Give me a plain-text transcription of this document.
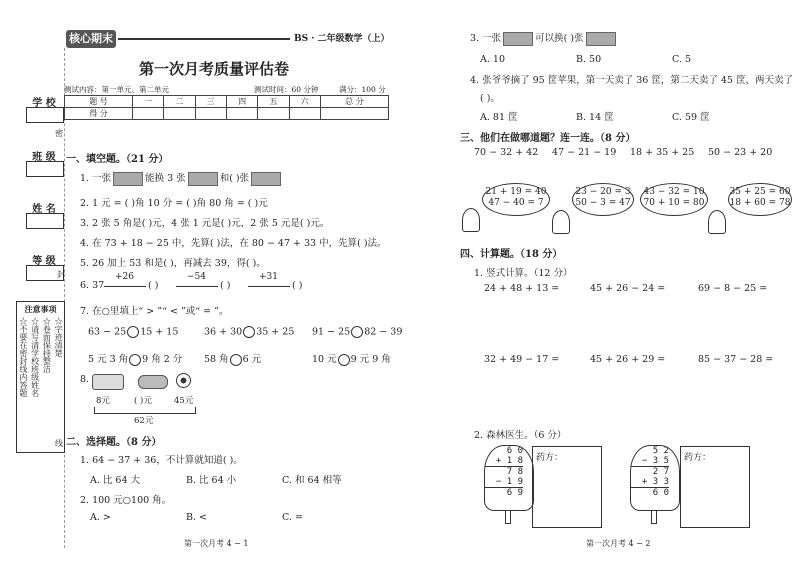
学 校
班 级
姓 名
等 级
密
封
线
注意事项
☆不要在密封线内答题 ☆请写清学校班级姓名 ☆卷面保持整洁 ☆字迹清楚
核心期末	BS · 二年级数学（上）
第一次月考质量评估卷
测试内容：第一单元、第二单元	测试时间：60 分钟	满分：100 分
题 号	一	二	三	四	五	六	总 分
得 分							
一、填空题。（21 分）
1. 一张	能换 3 张	和( )张
2. 1 元 = ( )角 10 分 = ( )角 80 角 = ( )元
3. 2 张 5 角是( )元，4 张 1 元是( )元，2 张 5 元是( )元。
4. 在 73 + 18 − 25 中，先算( )法，在 80 − 47 + 33 中，先算( )法。
5. 26 加上 53 和是( )，再减去 39，得( )。
6. 37
+26
( )
−54
( )
+31
( )
7. 在○里填上“ > ”“ < ”或“ = ”。
63 − 25 15 + 15	36 + 30 35 + 25 91 − 25 82 − 39
5 元 3 角 9 角 2 分 58 角 6 元	10 元 9 元 9 角
8.
8元	( )元	45元
62元
二、选择题。（8 分）
1. 64 − 37 + 36，不计算就知道( )。
A. 比 64 大	B. 比 64 小	C. 和 64 相等
2. 100 元○100 角。
A. >	B. <	C. =
第一次月考 4 − 1
3. 一张	可以换( )张
A. 10	B. 50	C. 5
4. 张爷爷摘了 95 筐苹果，第一天卖了 36 筐，第二天卖了 45 筐，两天卖了
( )。
A. 81 筐	B. 14 筐	C. 59 筐
三、他们在做哪道题？连一连。（8 分）
70 − 32 + 42 47 − 21 − 19 18 + 35 + 25 50 − 23 + 20
21 + 19 = 40
47 − 40 = 7
23 − 20 = 3
50 − 3 = 47
43 − 32 = 10
70 + 10 = 80
35 + 25 = 60
18 + 60 = 78
四、计算题。（18 分）
1. 竖式计算。（12 分）
24 + 48 + 13 =	45 + 26 − 24 =	69 − 8 − 25 =
32 + 49 − 17 =	45 + 26 + 29 =	85 − 37 − 28 =
2. 森林医生。（6 分）
6 0
+ 1 8
7 8
− 1 9
6 9
药方：
5 2
− 3 5
2 7
+ 3 3
6 0
药方：
第一次月考 4 − 2
